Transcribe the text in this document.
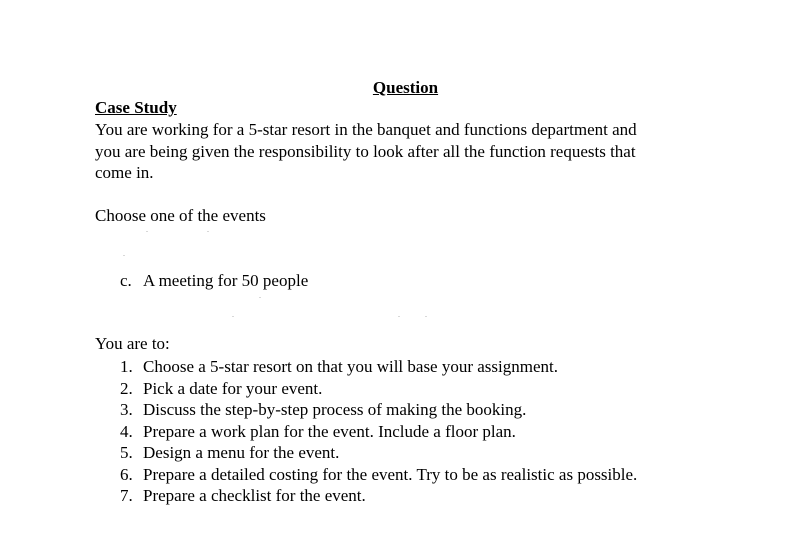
Question
Case Study
You are working for a 5-star resort in the banquet and functions department and
you are being given the responsibility to look after all the function requests that
come in.
Choose one of the events
c. A meeting for 50 people
You are to:
1. Choose a 5-star resort on that you will base your assignment.
2. Pick a date for your event.
3. Discuss the step-by-step process of making the booking.
4. Prepare a work plan for the event. Include a floor plan.
5. Design a menu for the event.
6. Prepare a detailed costing for the event. Try to be as realistic as possible.
7. Prepare a checklist for the event.
